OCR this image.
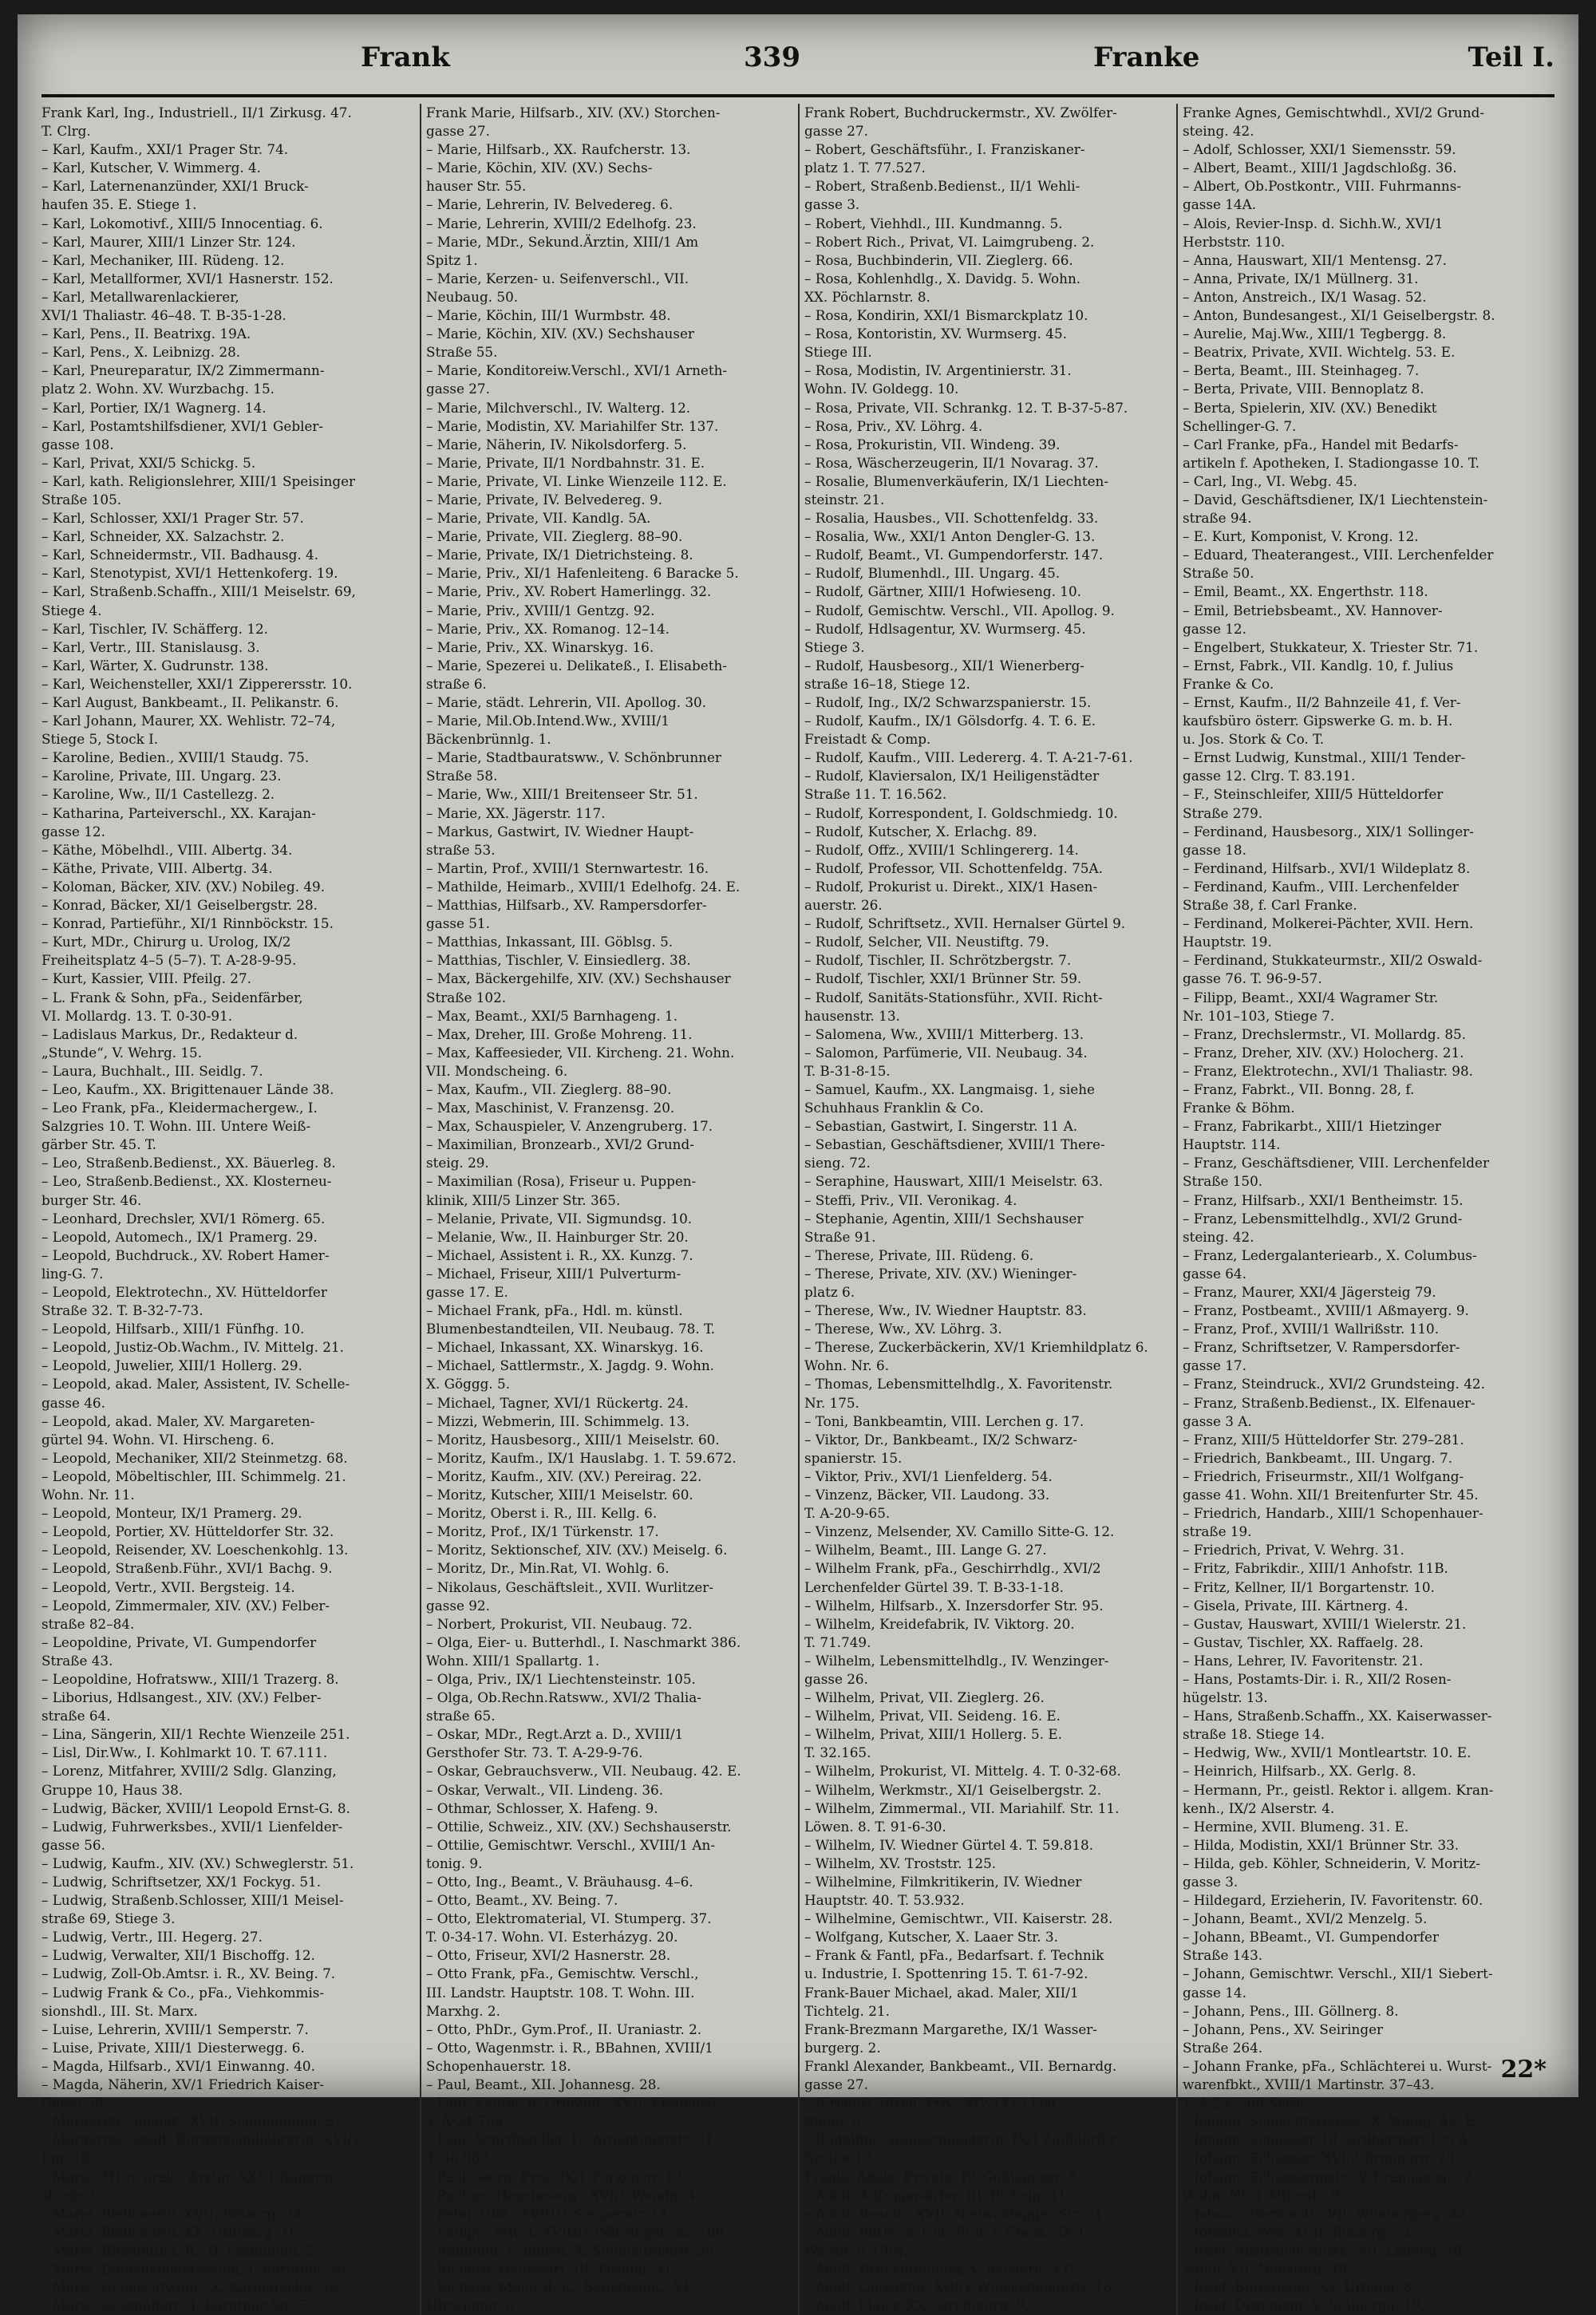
Frank	339	Franke	Teil I.
Frank Karl, Ing., Industriell., II/1 Zirkusg. 47.
T. Clrg.
– Karl, Kaufm., XXI/1 Prager Str. 74.
– Karl, Kutscher, V. Wimmerg. 4.
– Karl, Laternenanzünder, XXI/1 Bruck-
haufen 35. E. Stiege 1.
– Karl, Lokomotivf., XIII/5 Innocentiag. 6.
– Karl, Maurer, XIII/1 Linzer Str. 124.
– Karl, Mechaniker, III. Rüdeng. 12.
– Karl, Metallformer, XVI/1 Hasnerstr. 152.
– Karl, Metallwarenlackierer,
XVI/1 Thaliastr. 46–48. T. B-35-1-28.
– Karl, Pens., II. Beatrixg. 19A.
– Karl, Pens., X. Leibnizg. 28.
– Karl, Pneureparatur, IX/2 Zimmermann-
platz 2. Wohn. XV. Wurzbachg. 15.
– Karl, Portier, IX/1 Wagnerg. 14.
– Karl, Postamtshilfsdiener, XVI/1 Gebler-
gasse 108.
– Karl, Privat, XXI/5 Schickg. 5.
– Karl, kath. Religionslehrer, XIII/1 Speisinger
Straße 105.
– Karl, Schlosser, XXI/1 Prager Str. 57.
– Karl, Schneider, XX. Salzachstr. 2.
– Karl, Schneidermstr., VII. Badhausg. 4.
– Karl, Stenotypist, XVI/1 Hettenkoferg. 19.
– Karl, Straßenb.Schaffn., XIII/1 Meiselstr. 69,
Stiege 4.
– Karl, Tischler, IV. Schäfferg. 12.
– Karl, Vertr., III. Stanislausg. 3.
– Karl, Wärter, X. Gudrunstr. 138.
– Karl, Weichensteller, XXI/1 Zipperersstr. 10.
– Karl August, Bankbeamt., II. Pelikanstr. 6.
– Karl Johann, Maurer, XX. Wehlistr. 72–74,
Stiege 5, Stock I.
– Karoline, Bedien., XVIII/1 Staudg. 75.
– Karoline, Private, III. Ungarg. 23.
– Karoline, Ww., II/1 Castellezg. 2.
– Katharina, Parteiverschl., XX. Karajan-
gasse 12.
– Käthe, Möbelhdl., VIII. Albertg. 34.
– Käthe, Private, VIII. Albertg. 34.
– Koloman, Bäcker, XIV. (XV.) Nobileg. 49.
– Konrad, Bäcker, XI/1 Geiselbergstr. 28.
– Konrad, Partieführ., XI/1 Rinnböckstr. 15.
– Kurt, MDr., Chirurg u. Urolog, IX/2
Freiheitsplatz 4–5 (5–7). T. A-28-9-95.
– Kurt, Kassier, VIII. Pfeilg. 27.
– L. Frank & Sohn, pFa., Seidenfärber,
VI. Mollardg. 13. T. 0-30-91.
– Ladislaus Markus, Dr., Redakteur d.
„Stunde“, V. Wehrg. 15.
– Laura, Buchhalt., III. Seidlg. 7.
– Leo, Kaufm., XX. Brigittenauer Lände 38.
– Leo Frank, pFa., Kleidermachergew., I.
Salzgries 10. T. Wohn. III. Untere Weiß-
gärber Str. 45. T.
– Leo, Straßenb.Bedienst., XX. Bäuerleg. 8.
– Leo, Straßenb.Bedienst., XX. Klosterneu-
burger Str. 46.
– Leonhard, Drechsler, XVI/1 Römerg. 65.
– Leopold, Automech., IX/1 Pramerg. 29.
– Leopold, Buchdruck., XV. Robert Hamer-
ling-G. 7.
– Leopold, Elektrotechn., XV. Hütteldorfer
Straße 32. T. B-32-7-73.
– Leopold, Hilfsarb., XIII/1 Fünfhg. 10.
– Leopold, Justiz-Ob.Wachm., IV. Mittelg. 21.
– Leopold, Juwelier, XIII/1 Hollerg. 29.
– Leopold, akad. Maler, Assistent, IV. Schelle-
gasse 46.
– Leopold, akad. Maler, XV. Margareten-
gürtel 94. Wohn. VI. Hirscheng. 6.
– Leopold, Mechaniker, XII/2 Steinmetzg. 68.
– Leopold, Möbeltischler, III. Schimmelg. 21.
Wohn. Nr. 11.
– Leopold, Monteur, IX/1 Pramerg. 29.
– Leopold, Portier, XV. Hütteldorfer Str. 32.
– Leopold, Reisender, XV. Loeschenkohlg. 13.
– Leopold, Straßenb.Führ., XVI/1 Bachg. 9.
– Leopold, Vertr., XVII. Bergsteig. 14.
– Leopold, Zimmermaler, XIV. (XV.) Felber-
straße 82–84.
– Leopoldine, Private, VI. Gumpendorfer
Straße 43.
– Leopoldine, Hofratsww., XIII/1 Trazerg. 8.
– Liborius, Hdlsangest., XIV. (XV.) Felber-
straße 64.
– Lina, Sängerin, XII/1 Rechte Wienzeile 251.
– Lisl, Dir.Ww., I. Kohlmarkt 10. T. 67.111.
– Lorenz, Mitfahrer, XVIII/2 Sdlg. Glanzing,
Gruppe 10, Haus 38.
– Ludwig, Bäcker, XVIII/1 Leopold Ernst-G. 8.
– Ludwig, Fuhrwerksbes., XVII/1 Lienfelder-
gasse 56.
– Ludwig, Kaufm., XIV. (XV.) Schweglerstr. 51.
– Ludwig, Schriftsetzer, XX/1 Fockyg. 51.
– Ludwig, Straßenb.Schlosser, XIII/1 Meisel-
straße 69, Stiege 3.
– Ludwig, Vertr., III. Hegerg. 27.
– Ludwig, Verwalter, XII/1 Bischoffg. 12.
– Ludwig, Zoll-Ob.Amtsr. i. R., XV. Being. 7.
– Ludwig Frank & Co., pFa., Viehkommis-
sionshdl., III. St. Marx.
– Luise, Lehrerin, XVIII/1 Semperstr. 7.
– Luise, Private, XIII/1 Diesterwegg. 6.
– Magda, Hilfsarb., XVI/1 Einwanng. 40.
– Magda, Näherin, XV/1 Friedrich Kaiser-
Gasse 58.
– Margarete, Beamt., XVII. Schumannng. 57.
– Margarete, städt. Bürgerschullehrerin, XVI/1
Ing. 16.
– Marie, MDr., prakt. Ärztin, XXI/1 Angerer-
straße 1.
– Marie, Bedienerin, XVII. Rötzerg. 22.
– Marie, Bedienerin, XX. Othmarg. 16.
– Marie, BBeamtin i. R., II. Pazmanitg. 5.
– Marie, Damenkleiderssalon, I. Kärntner Str. 5.
– Marie, Gemischtwhdl., X. Karmarschg. 32.
– Marie, Geschäftsfr., I. Kärntner Str. 5.
Frank Marie, Hilfsarb., XIV. (XV.) Storchen-
gasse 27.
– Marie, Hilfsarb., XX. Raufcherstr. 13.
– Marie, Köchin, XIV. (XV.) Sechs-
hauser Str. 55.
– Marie, Lehrerin, IV. Belvedereg. 6.
– Marie, Lehrerin, XVIII/2 Edelhofg. 23.
– Marie, MDr., Sekund.Ärztin, XIII/1 Am
Spitz 1.
– Marie, Kerzen- u. Seifenverschl., VII.
Neubaug. 50.
– Marie, Köchin, III/1 Wurmbstr. 48.
– Marie, Köchin, XIV. (XV.) Sechshauser
Straße 55.
– Marie, Konditoreiw.Verschl., XVI/1 Arneth-
gasse 27.
– Marie, Milchverschl., IV. Walterg. 12.
– Marie, Modistin, XV. Mariahilfer Str. 137.
– Marie, Näherin, IV. Nikolsdorferg. 5.
– Marie, Private, II/1 Nordbahnstr. 31. E.
– Marie, Private, VI. Linke Wienzeile 112. E.
– Marie, Private, IV. Belvedereg. 9.
– Marie, Private, VII. Kandlg. 5A.
– Marie, Private, VII. Zieglerg. 88–90.
– Marie, Private, IX/1 Dietrichsteing. 8.
– Marie, Priv., XI/1 Hafenleiteng. 6 Baracke 5.
– Marie, Priv., XV. Robert Hamerlingg. 32.
– Marie, Priv., XVIII/1 Gentzg. 92.
– Marie, Priv., XX. Romanog. 12–14.
– Marie, Priv., XX. Winarskyg. 16.
– Marie, Spezerei u. Delikateß., I. Elisabeth-
straße 6.
– Marie, städt. Lehrerin, VII. Apollog. 30.
– Marie, Mil.Ob.Intend.Ww., XVIII/1
Bäckenbrünnlg. 1.
– Marie, Stadtbauratsww., V. Schönbrunner
Straße 58.
– Marie, Ww., XIII/1 Breitenseer Str. 51.
– Marie, XX. Jägerstr. 117.
– Markus, Gastwirt, IV. Wiedner Haupt-
straße 53.
– Martin, Prof., XVIII/1 Sternwartestr. 16.
– Mathilde, Heimarb., XVIII/1 Edelhofg. 24. E.
– Matthias, Hilfsarb., XV. Rampersdorfer-
gasse 51.
– Matthias, Inkassant, III. Göblsg. 5.
– Matthias, Tischler, V. Einsiedlerg. 38.
– Max, Bäckergehilfe, XIV. (XV.) Sechshauser
Straße 102.
– Max, Beamt., XXI/5 Barnhageng. 1.
– Max, Dreher, III. Große Mohreng. 11.
– Max, Kaffeesieder, VII. Kircheng. 21. Wohn.
VII. Mondscheing. 6.
– Max, Kaufm., VII. Zieglerg. 88–90.
– Max, Maschinist, V. Franzensg. 20.
– Max, Schauspieler, V. Anzengruberg. 17.
– Maximilian, Bronzearb., XVI/2 Grund-
steig. 29.
– Maximilian (Rosa), Friseur u. Puppen-
klinik, XIII/5 Linzer Str. 365.
– Melanie, Private, VII. Sigmundsg. 10.
– Melanie, Ww., II. Hainburger Str. 20.
– Michael, Assistent i. R., XX. Kunzg. 7.
– Michael, Friseur, XIII/1 Pulverturm-
gasse 17. E.
– Michael Frank, pFa., Hdl. m. künstl.
Blumenbestandteilen, VII. Neubaug. 78. T.
– Michael, Inkassant, XX. Winarskyg. 16.
– Michael, Sattlermstr., X. Jagdg. 9. Wohn.
X. Göggg. 5.
– Michael, Tagner, XVI/1 Rückertg. 24.
– Mizzi, Webmerin, III. Schimmelg. 13.
– Moritz, Hausbesorg., XIII/1 Meiselstr. 60.
– Moritz, Kaufm., IX/1 Hauslabg. 1. T. 59.672.
– Moritz, Kaufm., XIV. (XV.) Pereirag. 22.
– Moritz, Kutscher, XIII/1 Meiselstr. 60.
– Moritz, Oberst i. R., III. Kellg. 6.
– Moritz, Prof., IX/1 Türkenstr. 17.
– Moritz, Sektionschef, XIV. (XV.) Meiselg. 6.
– Moritz, Dr., Min.Rat, VI. Wohlg. 6.
– Nikolaus, Geschäftsleit., XVII. Wurlitzer-
gasse 92.
– Norbert, Prokurist, VII. Neubaug. 72.
– Olga, Eier- u. Butterhdl., I. Naschmarkt 386.
Wohn. XIII/1 Spallartg. 1.
– Olga, Priv., IX/1 Liechtensteinstr. 105.
– Olga, Ob.Rechn.Ratsww., XVI/2 Thalia-
straße 65.
– Oskar, MDr., Regt.Arzt a. D., XVIII/1
Gersthofer Str. 73. T. A-29-9-76.
– Oskar, Gebrauchsverw., VII. Neubaug. 42. E.
– Oskar, Verwalt., VII. Lindeng. 36.
– Othmar, Schlosser, X. Hafeng. 9.
– Ottilie, Schweiz., XIV. (XV.) Sechshauserstr.
– Ottilie, Gemischtwr. Verschl., XVIII/1 An-
tonig. 9.
– Otto, Ing., Beamt., V. Bräuhausg. 4–6.
– Otto, Beamt., XV. Being. 7.
– Otto, Elektromaterial, VI. Stumperg. 37.
T. 0-34-17. Wohn. VI. Esterházyg. 20.
– Otto, Friseur, XVI/2 Hasnerstr. 28.
– Otto Frank, pFa., Gemischtw. Verschl.,
III. Landstr. Hauptstr. 108. T. Wohn. III.
Marxhg. 2.
– Otto, PhDr., Gym.Prof., II. Uraniastr. 2.
– Otto, Wagenmstr. i. R., BBahnen, XVIII/1
Schopenhauerstr. 18.
– Paul, Beamt., XII. Johannesg. 28.
– Paul, Kaufm. u. Großhdl., XVII. Frauenstr.
T. A-24-703.
– Paul, Schriftsteller, IV. Argentinierstr. 31.
T. 56.083.
– Paul Georg, Priv., IX/1 Türkenstr. 12.
– Pauline, Hausbesorg., XVI/1 Wendg. 4.
– Peter, Offz., XVIII/1 Semperstr. 11.
– Philipp, Privat, XVIII/1 Währinger Str. 108.
– Raimund, Schmied, X. Sonnleithnerg. 28.
– Richard, Hauswart, III. Fasang. 41.
– Richard, Major d. R., Bankbeamt., VI.
Hirscheng. 6.
Frank Robert, Buchdruckermstr., XV. Zwölfer-
gasse 27.
– Robert, Geschäftsführ., I. Franziskaner-
platz 1. T. 77.527.
– Robert, Straßenb.Bedienst., II/1 Wehli-
gasse 3.
– Robert, Viehhdl., III. Kundmanng. 5.
– Robert Rich., Privat, VI. Laimgrubeng. 2.
– Rosa, Buchbinderin, VII. Zieglerg. 66.
– Rosa, Kohlenhdlg., X. Davidg. 5. Wohn.
XX. Pöchlarnstr. 8.
– Rosa, Kondirin, XXI/1 Bismarckplatz 10.
– Rosa, Kontoristin, XV. Wurmserg. 45.
Stiege III.
– Rosa, Modistin, IV. Argentinierstr. 31.
Wohn. IV. Goldegg. 10.
– Rosa, Private, VII. Schrankg. 12. T. B-37-5-87.
– Rosa, Priv., XV. Löhrg. 4.
– Rosa, Prokuristin, VII. Windeng. 39.
– Rosa, Wäscherzeugerin, II/1 Novarag. 37.
– Rosalie, Blumenverkäuferin, IX/1 Liechten-
steinstr. 21.
– Rosalia, Hausbes., VII. Schottenfeldg. 33.
– Rosalia, Ww., XXI/1 Anton Dengler-G. 13.
– Rudolf, Beamt., VI. Gumpendorferstr. 147.
– Rudolf, Blumenhdl., III. Ungarg. 45.
– Rudolf, Gärtner, XIII/1 Hofwieseng. 10.
– Rudolf, Gemischtw. Verschl., VII. Apollog. 9.
– Rudolf, Hdlsagentur, XV. Wurmserg. 45.
Stiege 3.
– Rudolf, Hausbesorg., XII/1 Wienerberg-
straße 16–18, Stiege 12.
– Rudolf, Ing., IX/2 Schwarzspanierstr. 15.
– Rudolf, Kaufm., IX/1 Gölsdorfg. 4. T. 6. E.
Freistadt & Comp.
– Rudolf, Kaufm., VIII. Ledererg. 4. T. A-21-7-61.
– Rudolf, Klaviersalon, IX/1 Heiligenstädter
Straße 11. T. 16.562.
– Rudolf, Korrespondent, I. Goldschmiedg. 10.
– Rudolf, Kutscher, X. Erlachg. 89.
– Rudolf, Offz., XVIII/1 Schlingererg. 14.
– Rudolf, Professor, VII. Schottenfeldg. 75A.
– Rudolf, Prokurist u. Direkt., XIX/1 Hasen-
auerstr. 26.
– Rudolf, Schriftsetz., XVII. Hernalser Gürtel 9.
– Rudolf, Selcher, VII. Neustiftg. 79.
– Rudolf, Tischler, II. Schrötzbergstr. 7.
– Rudolf, Tischler, XXI/1 Brünner Str. 59.
– Rudolf, Sanitäts-Stationsführ., XVII. Richt-
hausenstr. 13.
– Salomena, Ww., XVIII/1 Mitterberg. 13.
– Salomon, Parfümerie, VII. Neubaug. 34.
T. B-31-8-15.
– Samuel, Kaufm., XX. Langmaisg. 1, siehe
Schuhhaus Franklin & Co.
– Sebastian, Gastwirt, I. Singerstr. 11 A.
– Sebastian, Geschäftsdiener, XVIII/1 There-
sieng. 72.
– Seraphine, Hauswart, XIII/1 Meiselstr. 63.
– Steffi, Priv., VII. Veronikag. 4.
– Stephanie, Agentin, XIII/1 Sechshauser
Straße 91.
– Therese, Private, III. Rüdeng. 6.
– Therese, Private, XIV. (XV.) Wieninger-
platz 6.
– Therese, Ww., IV. Wiedner Hauptstr. 83.
– Therese, Ww., XV. Löhrg. 3.
– Therese, Zuckerbäckerin, XV/1 Kriemhildplatz 6.
Wohn. Nr. 6.
– Thomas, Lebensmittelhdlg., X. Favoritenstr.
Nr. 175.
– Toni, Bankbeamtin, VIII. Lerchen g. 17.
– Viktor, Dr., Bankbeamt., IX/2 Schwarz-
spanierstr. 15.
– Viktor, Priv., XVI/1 Lienfelderg. 54.
– Vinzenz, Bäcker, VII. Laudong. 33.
T. A-20-9-65.
– Vinzenz, Melsender, XV. Camillo Sitte-G. 12.
– Wilhelm, Beamt., III. Lange G. 27.
– Wilhelm Frank, pFa., Geschirrhdlg., XVI/2
Lerchenfelder Gürtel 39. T. B-33-1-18.
– Wilhelm, Hilfsarb., X. Inzersdorfer Str. 95.
– Wilhelm, Kreidefabrik, IV. Viktorg. 20.
T. 71.749.
– Wilhelm, Lebensmittelhdlg., IV. Wenzinger-
gasse 26.
– Wilhelm, Privat, VII. Zieglerg. 26.
– Wilhelm, Privat, VII. Seideng. 16. E.
– Wilhelm, Privat, XIII/1 Hollerg. 5. E.
T. 32.165.
– Wilhelm, Prokurist, VI. Mittelg. 4. T. 0-32-68.
– Wilhelm, Werkmstr., XI/1 Geiselbergstr. 2.
– Wilhelm, Zimmermal., VII. Mariahilf. Str. 11.
Löwen. 8. T. 91-6-30.
– Wilhelm, IV. Wiedner Gürtel 4. T. 59.818.
– Wilhelm, XV. Troststr. 125.
– Wilhelmine, Filmkritikerin, IV. Wiedner
Hauptstr. 40. T. 53.932.
– Wilhelmine, Gemischtwr., VII. Kaiserstr. 28.
– Wolfgang, Kutscher, X. Laaer Str. 3.
– Frank & Fantl, pFa., Bedarfsart. f. Technik
u. Industrie, I. Spottenring 15. T. 61-7-92.
Frank-Bauer Michael, akad. Maler, XII/1
Tichtelg. 21.
Frank-Brezmann Margarethe, IX/1 Wasser-
burgerg. 2.
Frankl Alexander, Bankbeamt., VII. Bernardg.
gasse 27.
– (Freent) Alfred, Priv., XIV. (XV.) Pou-
thong. 5.
– Rudolfine, Hausschneiderin, IX/1 Nußdorfer
Straße 17.
Franke Adele, Private, IV. Gußhausstr. 6.
– Adolf, Aufzugswärter, III. Bickelg. 41.
– Adolf, Beamt., XVII. Neuwaldegger Str. 21.
– Adolf, PhDr., o. Univ.Prof. f. Chem., IX/1
Wasag. 9. Clrg.
– Adolf, Druckereileiter, V. Bacherg. 3 C.
– Adolf, Ob.Faktor, XIII/1 Winckelmannstr. 16.
– Adolf, Maler, XX. Streffleurg. 9.
Franke Agnes, Gemischtwhdl., XVI/2 Grund-
steing. 42.
– Adolf, Schlosser, XXI/1 Siemensstr. 59.
– Albert, Beamt., XIII/1 Jagdschloßg. 36.
– Albert, Ob.Postkontr., VIII. Fuhrmanns-
gasse 14A.
– Alois, Revier-Insp. d. Sichh.W., XVI/1
Herbststr. 110.
– Anna, Hauswart, XII/1 Mentensg. 27.
– Anna, Private, IX/1 Müllnerg. 31.
– Anton, Anstreich., IX/1 Wasag. 52.
– Anton, Bundesangest., XI/1 Geiselbergstr. 8.
– Aurelie, Maj.Ww., XIII/1 Tegbergg. 8.
– Beatrix, Private, XVII. Wichtelg. 53. E.
– Berta, Beamt., III. Steinhageg. 7.
– Berta, Private, VIII. Bennoplatz 8.
– Berta, Spielerin, XIV. (XV.) Benedikt
Schellinger-G. 7.
– Carl Franke, pFa., Handel mit Bedarfs-
artikeln f. Apotheken, I. Stadiongasse 10. T.
– Carl, Ing., VI. Webg. 45.
– David, Geschäftsdiener, IX/1 Liechtenstein-
straße 94.
– E. Kurt, Komponist, V. Krong. 12.
– Eduard, Theaterangest., VIII. Lerchenfelder
Straße 50.
– Emil, Beamt., XX. Engerthstr. 118.
– Emil, Betriebsbeamt., XV. Hannover-
gasse 12.
– Engelbert, Stukkateur, X. Triester Str. 71.
– Ernst, Fabrk., VII. Kandlg. 10, f. Julius
Franke & Co.
– Ernst, Kaufm., II/2 Bahnzeile 41, f. Ver-
kaufsbüro österr. Gipswerke G. m. b. H.
u. Jos. Stork & Co. T.
– Ernst Ludwig, Kunstmal., XIII/1 Tender-
gasse 12. Clrg. T. 83.191.
– F., Steinschleifer, XIII/5 Hütteldorfer
Straße 279.
– Ferdinand, Hausbesorg., XIX/1 Sollinger-
gasse 18.
– Ferdinand, Hilfsarb., XVI/1 Wildeplatz 8.
– Ferdinand, Kaufm., VIII. Lerchenfelder
Straße 38, f. Carl Franke.
– Ferdinand, Molkerei-Pächter, XVII. Hern.
Hauptstr. 19.
– Ferdinand, Stukkateurmstr., XII/2 Oswald-
gasse 76. T. 96-9-57.
– Filipp, Beamt., XXI/4 Wagramer Str.
Nr. 101–103, Stiege 7.
– Franz, Drechslermstr., VI. Mollardg. 85.
– Franz, Dreher, XIV. (XV.) Holocherg. 21.
– Franz, Elektrotechn., XVI/1 Thaliastr. 98.
– Franz, Fabrkt., VII. Bonng. 28, f.
Franke & Böhm.
– Franz, Fabrikarbt., XIII/1 Hietzinger
Hauptstr. 114.
– Franz, Geschäftsdiener, VIII. Lerchenfelder
Straße 150.
– Franz, Hilfsarb., XXI/1 Bentheimstr. 15.
– Franz, Lebensmittelhdlg., XVI/2 Grund-
steing. 42.
– Franz, Ledergalanteriearb., X. Columbus-
gasse 64.
– Franz, Maurer, XXI/4 Jägersteig 79.
– Franz, Postbeamt., XVIII/1 Aßmayerg. 9.
– Franz, Prof., XVIII/1 Wallrißstr. 110.
– Franz, Schriftsetzer, V. Rampersdorfer-
gasse 17.
– Franz, Steindruck., XVI/2 Grundsteing. 42.
– Franz, Straßenb.Bedienst., IX. Elfenauer-
gasse 3 A.
– Franz, XIII/5 Hütteldorfer Str. 279–281.
– Friedrich, Bankbeamt., III. Ungarg. 7.
– Friedrich, Friseurmstr., XII/1 Wolfgang-
gasse 41. Wohn. XII/1 Breitenfurter Str. 45.
– Friedrich, Handarb., XIII/1 Schopenhauer-
straße 19.
– Friedrich, Privat, V. Wehrg. 31.
– Fritz, Fabrikdir., XIII/1 Anhofstr. 11B.
– Fritz, Kellner, II/1 Borgartenstr. 10.
– Gisela, Private, III. Kärtnerg. 4.
– Gustav, Hauswart, XVIII/1 Wielerstr. 21.
– Gustav, Tischler, XX. Raffaelg. 28.
– Hans, Lehrer, IV. Favoritenstr. 21.
– Hans, Postamts-Dir. i. R., XII/2 Rosen-
hügelstr. 13.
– Hans, Straßenb.Schaffn., XX. Kaiserwasser-
straße 18. Stiege 14.
– Hedwig, Ww., XVII/1 Montleartstr. 10. E.
– Heinrich, Hilfsarb., XX. Gerlg. 8.
– Hermann, Pr., geistl. Rektor i. allgem. Kran-
kenh., IX/2 Alserstr. 4.
– Hermine, XVII. Blumeng. 31. E.
– Hilda, Modistin, XXI/1 Brünner Str. 33.
– Hilda, geb. Köhler, Schneiderin, V. Moritz-
gasse 3.
– Hildegard, Erzieherin, IV. Favoritenstr. 60.
– Johann, Beamt., XVI/2 Menzelg. 5.
– Johann, BBeamt., VI. Gumpendorfer
Straße 143.
– Johann, Gemischtwr. Verschl., XII/1 Siebert-
gasse 14.
– Johann, Pens., III. Göllnerg. 8.
– Johann, Pens., XV. Seiringer
Straße 264.
– Johann Franke, pFa., Schlächterei u. Wurst-
warenfbkt., XVIII/1 Martinstr. 37–43.
T. A-23-5-60 Serie.
– Johann, Schlächtereibes., X. Waldg. 43. E.
– Johann, Schlosser, III. Erdbergstr. 120 A.
– Johann, Schlosser, XVI/2 Brunnerg. 23.
– Johann, Schlossermstr., V. Bräuhausg. 12.
Wohn. Nr. 4 Altierstr. 9.
– Johann, Werkmstr., VII. Wimbergerg. 42.
– Johanna, Ww., XVII. Rötzerg. 22.
– Josef, Anstreichermstr., VII. Langeg. 28.
Wohn. VII. Neustiftg. 49.
– Josef, Bürodiener, XV. Urbang. 8.
– Josef, Disponent, V. Stolbergg. 19.
22*
